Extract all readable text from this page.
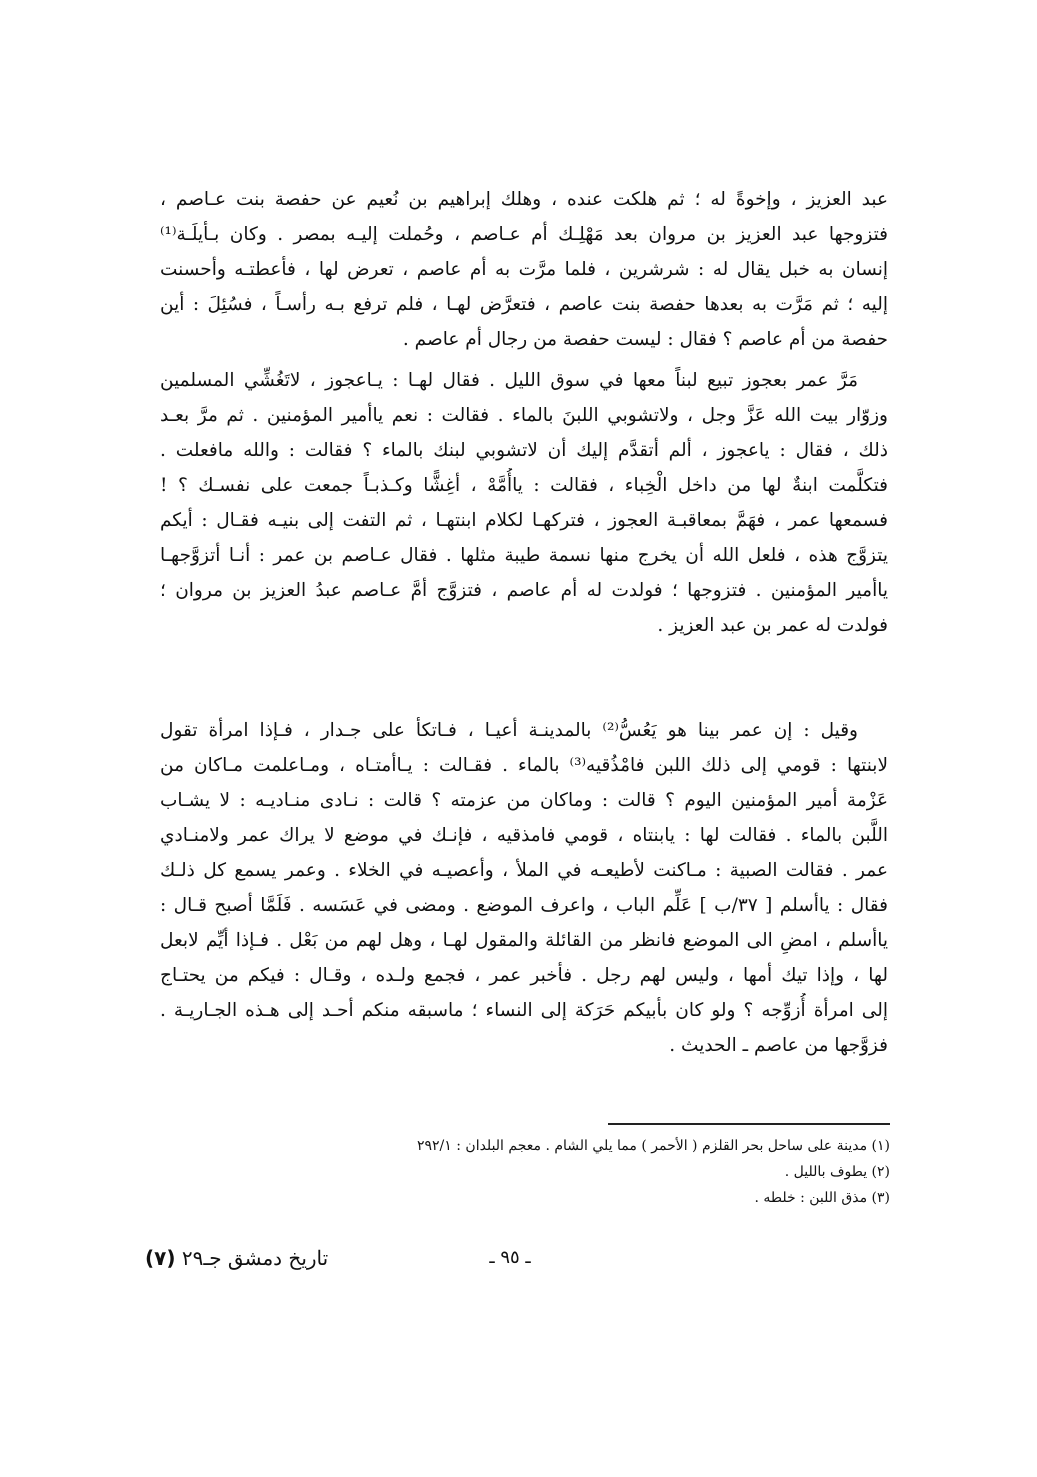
عبد العزيز ، وإخوةً له ؛ ثم هلكت عنده ، وهلك إبراهيم بن نُعيم عن حفصة بنت عـاصم ،
فتزوجها عبد العزيز بن مروان بعد مَهْلِـك أم عـاصم ، وحُملت إليـه بمصر . وكان بـأيلَـة⁽¹⁾
إنسان به خبل يقال له : شرشرين ، فلما مرَّت به أم عاصم ، تعرض لها ، فأعطتـه وأحسنت
إليه ؛ ثم مَرَّت به بعدها حفصة بنت عاصم ، فتعرَّض لهـا ، فلم ترفع بـه رأسـاً ، فسُئِلَ : أين
حفصة من أم عاصم ؟ فقال : ليست حفصة من رجال أم عاصم .
مَرَّ عمر بعجوز تبيع لبناً معها في سوق الليل . فقال لهـا : يـاعجوز ، لاتَغُشِّي المسلمين
وزوّار بيت الله عَزَّ وجل ، ولاتشوبي اللبنَ بالماء . فقالت : نعم ياأمير المؤمنين . ثم مرَّ بعـد
ذلك ، فقال : ياعجوز ، ألم أتقدَّم إليك أن لاتشوبي لبنك بالماء ؟ فقالت : والله مافعلت .
فتكلَّمت ابنةٌ لها من داخل الْخِباء ، فقالت : ياأُمَّهْ ، أغِشًّا وكـذبـاً جمعت على نفسـك ؟ !
فسمعها عمر ، فهَمَّ بمعاقبـة العجوز ، فتركهـا لكلام ابنتهـا ، ثم التفت إلى بنيـه فقـال : أيكم
يتزوَّج هذه ، فلعل الله أن يخرج منها نسمة طيبة مثلها . فقال عـاصم بن عمر : أنـا أتزوَّجهـا
ياأمير المؤمنين . فتزوجها ؛ فولدت له أم عاصم ، فتزوَّج أمَّ عـاصم عبدُ العزيز بن مروان ؛
فولدت له عمر بن عبد العزيز .
وقيل : إن عمر بينا هو يَعُسُّ⁽²⁾ بالمدينـة أعيـا ، فـاتكأ على جـدار ، فـإذا امرأة تقول
لابنتها : قومي إلى ذلك اللبن فامْذُقيه⁽³⁾ بالماء . فقـالت : يـاأمتـاه ، ومـاعلمت مـاكان من
عَزْمة أمير المؤمنين اليوم ؟ قالت : وماكان من عزمته ؟ قالت : نـادى منـاديـه : لا يشـاب
اللَّبن بالماء . فقالت لها : يابنتاه ، قومي فامذقيه ، فإنـك في موضع لا يراك عمر ولامنـادي
عمر . فقالت الصبية : مـاكنت لأطيعـه في الملأ ، وأعصيـه في الخلاء . وعمر يسمع كل ذلـك
فقال : ياأسلم [ ٣٧/ب ] عَلِّم الباب ، واعرف الموضع . ومضى في عَسَسه . فَلَمَّا أصبح قـال :
ياأسلم ، امضِ الى الموضع فانظر من القائلة والمقول لهـا ، وهل لهم من بَعْل . فـإذا أيِّم لابعل
لها ، وإذا تيك أمها ، وليس لهم رجل . فأخبر عمر ، فجمع ولـده ، وقـال : فيكم من يحتـاج
إلى امرأة أُزوِّجه ؟ ولو كان بأبيكم حَرَكة إلى النساء ؛ ماسبقه منكم أحـد إلى هـذه الجـاريـة .
فزوَّجها من عاصم ـ الحديث .
(١) مدينة على ساحل بحر القلزم ( الأحمر ) مما يلي الشام . معجم البلدان : ٢٩٢/١
(٢) يطوف بالليل .
(٣) مذق اللبن : خلطه .
ـ ٩٥ ـ
تاريخ دمشق جـ٢٩ (٧)
